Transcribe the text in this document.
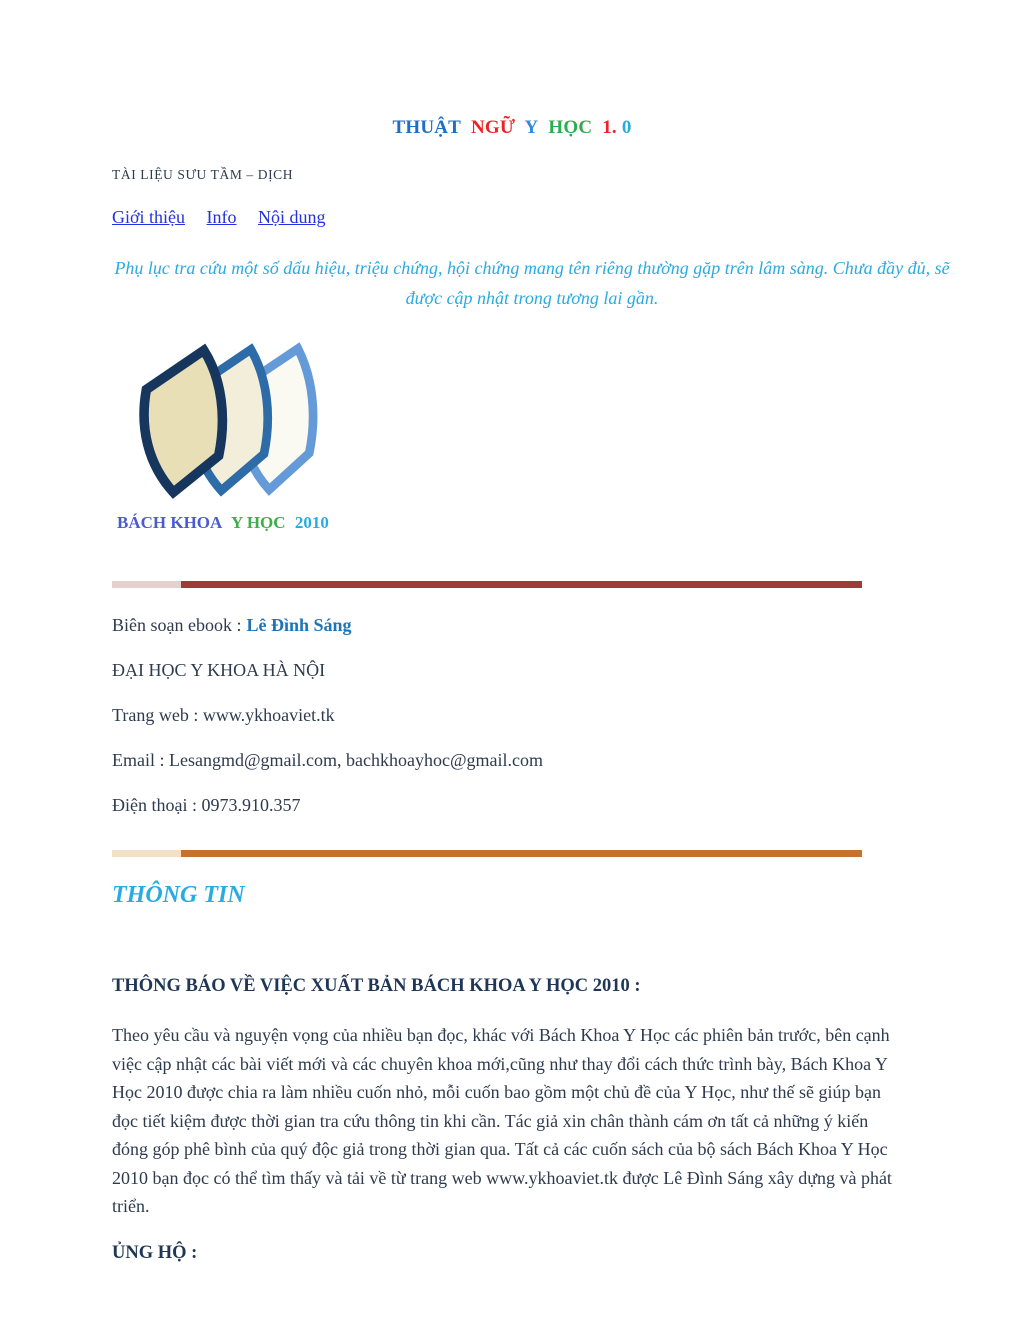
THUẬT NGỮ Y HỌC 1. 0
TÀI LIỆU SƯU TẦM – DỊCH
Giới thiệu Info Nội dung

Phụ lục tra cứu một số dấu hiệu, triệu chứng, hội chứng mang tên riêng thường gặp trên lâm sàng. Chưa đầy đủ, sẽ được cập nhật trong tương lai gần.

BÁCH KHOA Y HỌC 2010

Biên soạn ebook : Lê Đình Sáng

ĐẠI HỌC Y KHOA HÀ NỘI

Trang web : www.ykhoaviet.tk

Email : Lesangmd@gmail.com, bachkhoayhoc@gmail.com

Điện thoại : 0973.910.357

THÔNG TIN
THÔNG BÁO VỀ VIỆC XUẤT BẢN BÁCH KHOA Y HỌC 2010 :

Theo yêu cầu và nguyện vọng của nhiều bạn đọc, khác với Bách Khoa Y Học các phiên bản trước, bên cạnh việc cập nhật các bài viết mới và các chuyên khoa mới,cũng như thay đổi cách thức trình bày, Bách Khoa Y Học 2010 được chia ra làm nhiều cuốn nhỏ, mỗi cuốn bao gồm một chủ đề của Y Học, như thế sẽ giúp bạn đọc tiết kiệm được thời gian tra cứu thông tin khi cần. Tác giả xin chân thành cám ơn tất cả những ý kiến đóng góp phê bình của quý độc giả trong thời gian qua. Tất cả các cuốn sách của bộ sách Bách Khoa Y Học 2010 bạn đọc có thể tìm thấy và tải về từ trang web www.ykhoaviet.tk được Lê Đình Sáng xây dựng và phát triển.

ỦNG HỘ :
